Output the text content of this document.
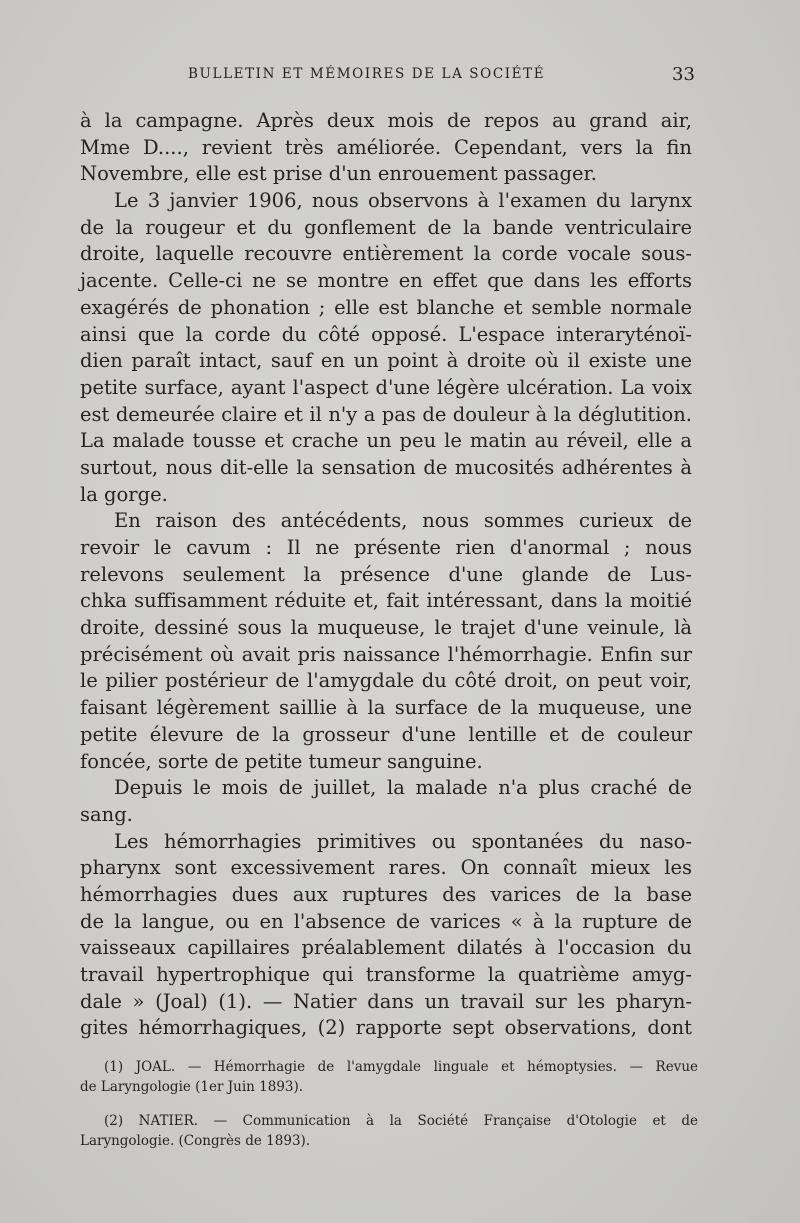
BULLETIN ET MÉMOIRES DE LA SOCIÉTÉ	33
à la campagne. Après deux mois de repos au grand air,
Mme D...., revient très améliorée. Cependant, vers la fin
Novembre, elle est prise d'un enrouement passager.
Le 3 janvier 1906, nous observons à l'examen du larynx
de la rougeur et du gonflement de la bande ventriculaire
droite, laquelle recouvre entièrement la corde vocale sous-
jacente. Celle-ci ne se montre en effet que dans les efforts
exagérés de phonation ; elle est blanche et semble normale
ainsi que la corde du côté opposé. L'espace interaryténoï-
dien paraît intact, sauf en un point à droite où il existe une
petite surface, ayant l'aspect d'une légère ulcération. La voix
est demeurée claire et il n'y a pas de douleur à la déglutition.
La malade tousse et crache un peu le matin au réveil, elle a
surtout, nous dit-elle la sensation de mucosités adhérentes à
la gorge.
En raison des antécédents, nous sommes curieux de
revoir le cavum : Il ne présente rien d'anormal ; nous
relevons seulement la présence d'une glande de Lus-
chka suffisamment réduite et, fait intéressant, dans la moitié
droite, dessiné sous la muqueuse, le trajet d'une veinule, là
précisément où avait pris naissance l'hémorrhagie. Enfin sur
le pilier postérieur de l'amygdale du côté droit, on peut voir,
faisant légèrement saillie à la surface de la muqueuse, une
petite élevure de la grosseur d'une lentille et de couleur
foncée, sorte de petite tumeur sanguine.
Depuis le mois de juillet, la malade n'a plus craché de
sang.
Les hémorrhagies primitives ou spontanées du naso-
pharynx sont excessivement rares. On connaît mieux les
hémorrhagies dues aux ruptures des varices de la base
de la langue, ou en l'absence de varices « à la rupture de
vaisseaux capillaires préalablement dilatés à l'occasion du
travail hypertrophique qui transforme la quatrième amyg-
dale » (Joal) (1). — Natier dans un travail sur les pharyn-
gites hémorrhagiques, (2) rapporte sept observations, dont
(1) JOAL. — Hémorrhagie de l'amygdale linguale et hémoptysies. — Revue
de Laryngologie (1er Juin 1893).
(2) NATIER. — Communication à la Société Française d'Otologie et de
Laryngologie. (Congrès de 1893).
